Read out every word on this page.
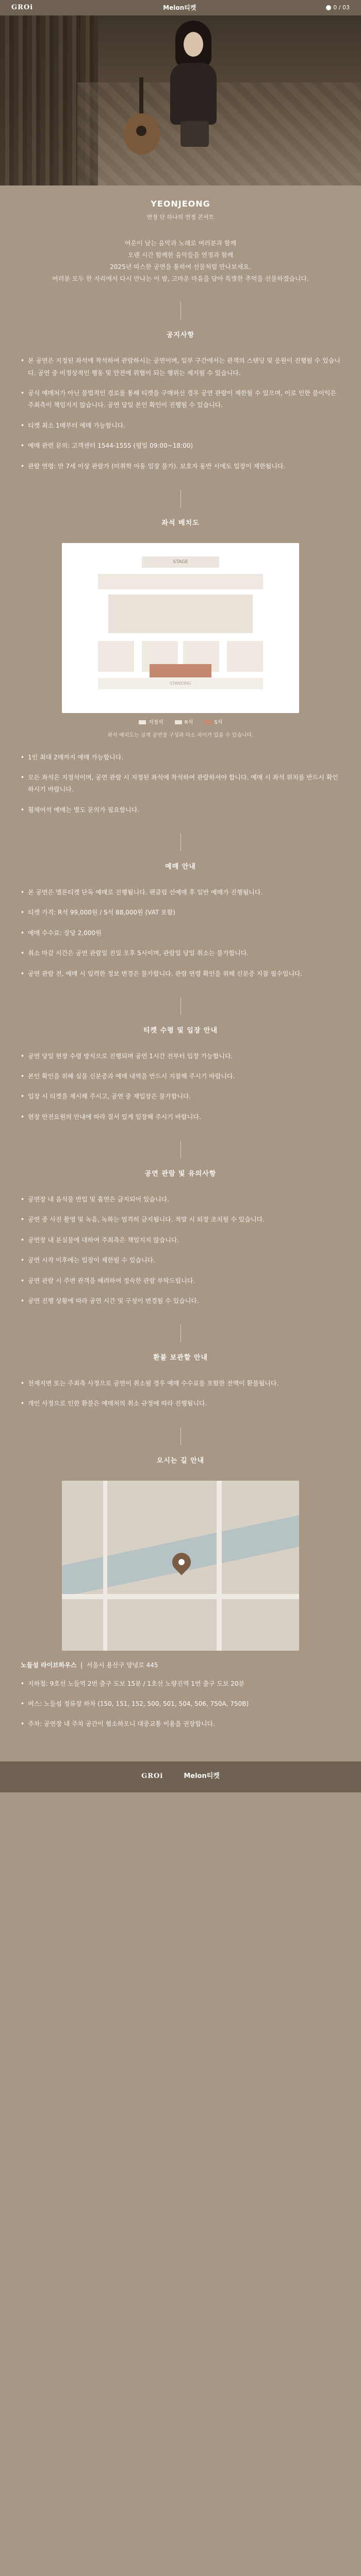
GROi	Melon티켓	0 / 03
YEONJEONG
연정 단 하나의 연정 콘서트

여운이 남는 음악과 노래로 여러분과 함께

오랜 시간 함께한 음악들을 연정과 함께

2025년 따스한 공연을 통하여 선물처럼 만나보세요.

여러분 모두 한 자리에서 다시 만나는 이 밤, 고마운 마음을 담아 특별한 추억을 선물하겠습니다.

공지사항
• 본 공연은 지정된 좌석에 착석하여 관람하시는 공연이며, 일부 구간에서는 관객의 스탠딩 및 응원이 진행될 수 있습니다. 공연 중 비정상적인 행동 및 안전에 위협이 되는 행위는 제지될 수 있습니다.
• 공식 예매처가 아닌 불법적인 경로를 통해 티켓을 구매하신 경우 공연 관람이 제한될 수 있으며, 이로 인한 불이익은 주최측이 책임지지 않습니다. 공연 당일 본인 확인이 진행될 수 있습니다.
• 티켓 최소 1매부터 예매 가능합니다.
• 예매 관련 문의: 고객센터 1544-1555 (평일 09:00~18:00)
• 관람 연령: 만 7세 이상 관람가 (미취학 아동 입장 불가). 보호자 동반 시에도 입장이 제한됩니다.
좌석 배치도
STAGE
STANDING
지정석	R석	S석
좌석 배치도는 실제 공연장 구성과 다소 차이가 있을 수 있습니다.
• 1인 최대 2매까지 예매 가능합니다.
• 모든 좌석은 지정석이며, 공연 관람 시 지정된 좌석에 착석하여 관람하셔야 합니다. 예매 시 좌석 위치를 반드시 확인하시기 바랍니다.
• 휠체어석 예매는 별도 문의가 필요합니다.
예매 안내
• 본 공연은 멜론티켓 단독 예매로 진행됩니다. 팬클럽 선예매 후 일반 예매가 진행됩니다.
• 티켓 가격: R석 99,000원 / S석 88,000원 (VAT 포함)
• 예매 수수료: 장당 2,000원
• 취소 마감 시간은 공연 관람일 전일 오후 5시이며, 관람일 당일 취소는 불가합니다.
• 공연 관람 전, 예매 시 입력한 정보 변경은 불가합니다. 관람 연령 확인을 위해 신분증 지참 필수입니다.
티켓 수령 및 입장 안내
• 공연 당일 현장 수령 방식으로 진행되며 공연 1시간 전부터 입장 가능합니다.
• 본인 확인을 위해 실물 신분증과 예매 내역을 반드시 지참해 주시기 바랍니다.
• 입장 시 티켓을 제시해 주시고, 공연 중 재입장은 불가합니다.
• 현장 안전요원의 안내에 따라 질서 있게 입장해 주시기 바랍니다.
공연 관람 및 유의사항
• 공연장 내 음식물 반입 및 흡연은 금지되어 있습니다.
• 공연 중 사진 촬영 및 녹음, 녹화는 엄격히 금지됩니다. 적발 시 퇴장 조치될 수 있습니다.
• 공연장 내 분실물에 대하여 주최측은 책임지지 않습니다.
• 공연 시작 이후에는 입장이 제한될 수 있습니다.
• 공연 관람 시 주변 관객을 배려하여 정숙한 관람 부탁드립니다.
• 공연 진행 상황에 따라 공연 시간 및 구성이 변경될 수 있습니다.
환불 보관할 안내
• 천재지변 또는 주최측 사정으로 공연이 취소될 경우 예매 수수료를 포함한 전액이 환불됩니다.
• 개인 사정으로 인한 환불은 예매처의 취소 규정에 따라 진행됩니다.
오시는 길 안내
노들섬 라이브하우스  |  서울시 용산구 양녕로 445
• 지하철: 9호선 노들역 2번 출구 도보 15분 / 1호선 노량진역 1번 출구 도보 20분
• 버스: 노들섬 정류장 하차 (150, 151, 152, 500, 501, 504, 506, 750A, 750B)
• 주차: 공연장 내 주차 공간이 협소하오니 대중교통 이용을 권장합니다.
GROi	Melon티켓
